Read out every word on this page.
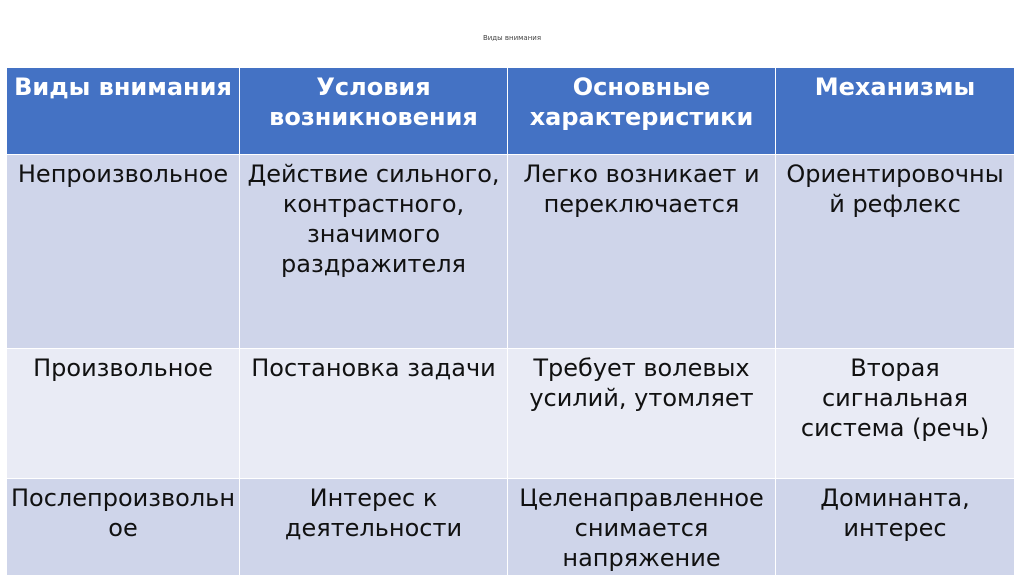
Виды внимания
Виды внимания	Условия возникновения	Основные характеристики	Механизмы
Непроизвольное	Действие сильного, контрастного, значимого раздражителя	Легко возникает и переключается	Ориентировочный рефлекс
Произвольное	Постановка задачи	Требует волевых усилий, утомляет	Вторая сигнальная система (речь)
Послепроизвольное	Интерес к деятельности	Целенаправленное снимается напряжение	Доминанта, интерес
